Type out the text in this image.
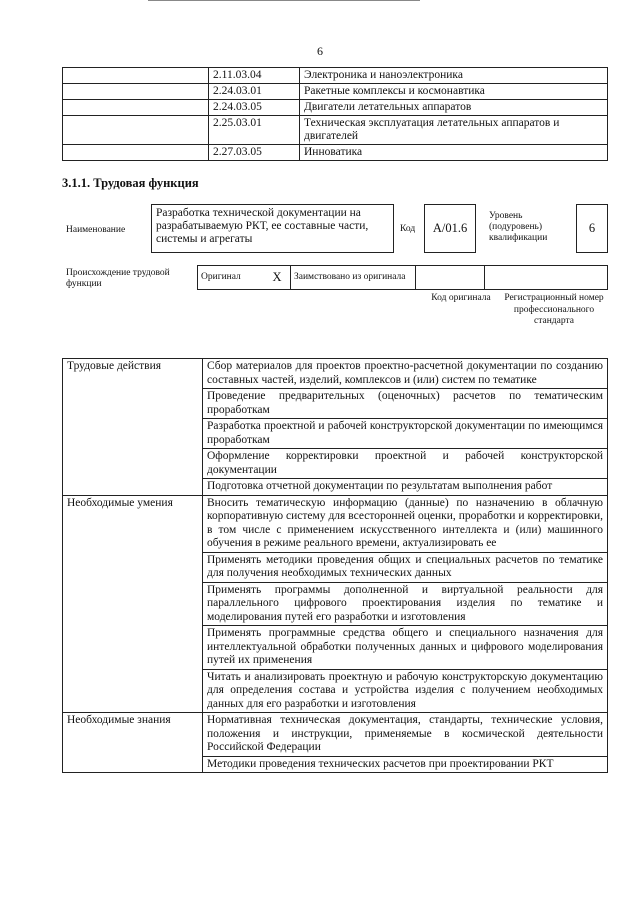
6
	2.11.03.04	Электроника и наноэлектроника
	2.24.03.01	Ракетные комплексы и космонавтика
	2.24.03.05	Двигатели летательных аппаратов
	2.25.03.01	Техническая эксплуатация летательных аппаратов и двигателей
	2.27.03.05	Инноватика
3.1.1. Трудовая функция
Наименование
Разработка технической документации на разрабатываемую РКТ, ее составные части, системы и агрегаты
Код	A/01.6
Уровень (подуровень) квалификации
6
Происхождение трудовой функции
Оригинал	X	Заимствовано из оригинала		
Код оригинала	Регистрационный номер профессионального стандарта
Трудовые действия	Сбор материалов для проектов проектно-расчетной документации по созданию составных частей, изделий, комплексов и (или) систем по тематике
	Проведение предварительных (оценочных) расчетов по тематическим проработкам
	Разработка проектной и рабочей конструкторской документации по имеющимся проработкам
	Оформление корректировки проектной и рабочей конструкторской документации
	Подготовка отчетной документации по результатам выполнения работ
Необходимые умения	Вносить тематическую информацию (данные) по назначению в облачную корпоративную систему для всесторонней оценки, проработки и корректировки, в том числе с применением искусственного интеллекта и (или) машинного обучения в режиме реального времени, актуализировать ее
	Применять методики проведения общих и специальных расчетов по тематике для получения необходимых технических данных
	Применять программы дополненной и виртуальной реальности для параллельного цифрового проектирования изделия по тематике и моделирования путей его разработки и изготовления
	Применять программные средства общего и специального назначения для интеллектуальной обработки полученных данных и цифрового моделирования путей их применения
	Читать и анализировать проектную и рабочую конструкторскую документацию для определения состава и устройства изделия с получением необходимых данных для его разработки и изготовления
Необходимые знания	Нормативная техническая документация, стандарты, технические условия, положения и инструкции, применяемые в космической деятельности Российской Федерации
	Методики проведения технических расчетов при проектировании РКТ
